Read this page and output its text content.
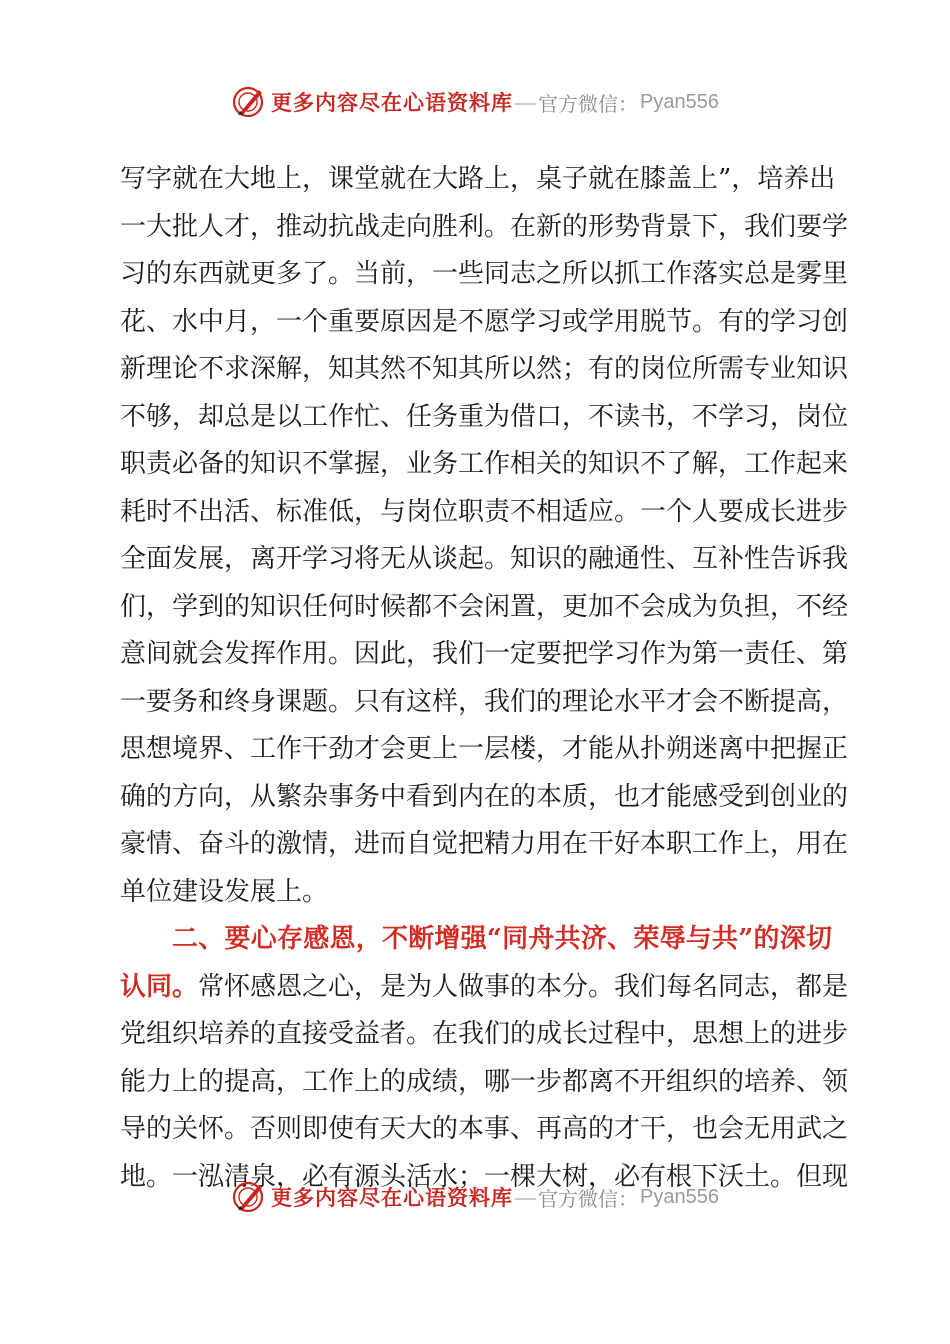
更多内容尽在心语资料库 — 官方微信： Pyan556
写字就在大地上，课堂就在大路上，桌子就在膝盖上”，培养出
一大批人才，推动抗战走向胜利。在新的形势背景下，我们要学
习的东西就更多了。当前，一些同志之所以抓工作落实总是雾里
花、水中月，一个重要原因是不愿学习或学用脱节。有的学习创
新理论不求深解，知其然不知其所以然；有的岗位所需专业知识
不够，却总是以工作忙、任务重为借口，不读书，不学习，岗位
职责必备的知识不掌握，业务工作相关的知识不了解，工作起来
耗时不出活、标准低，与岗位职责不相适应。一个人要成长进步
全面发展，离开学习将无从谈起。知识的融通性、互补性告诉我
们，学到的知识任何时候都不会闲置，更加不会成为负担，不经
意间就会发挥作用。因此，我们一定要把学习作为第一责任、第
一要务和终身课题。只有这样，我们的理论水平才会不断提高，
思想境界、工作干劲才会更上一层楼，才能从扑朔迷离中把握正
确的方向，从繁杂事务中看到内在的本质，也才能感受到创业的
豪情、奋斗的激情，进而自觉把精力用在干好本职工作上，用在
单位建设发展上。
二、要心存感恩，不断增强“同舟共济、荣辱与共”的深切
认同。常怀感恩之心，是为人做事的本分。我们每名同志，都是
党组织培养的直接受益者。在我们的成长过程中，思想上的进步
能力上的提高，工作上的成绩，哪一步都离不开组织的培养、领
导的关怀。否则即使有天大的本事、再高的才干，也会无用武之
地。一泓清泉，必有源头活水；一棵大树，必有根下沃土。但现
更多内容尽在心语资料库 — 官方微信： Pyan556
